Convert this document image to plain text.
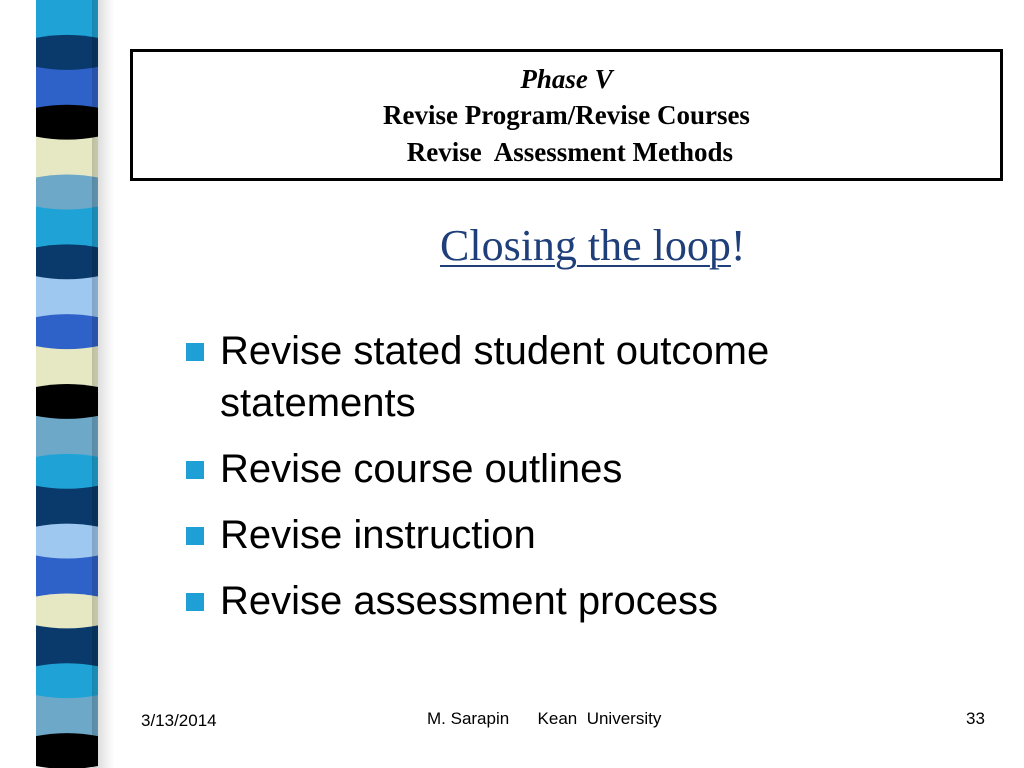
Phase V
Revise Program/Revise Courses
Revise  Assessment Methods
Closing the loop!
Revise stated student outcome statements
Revise course outlines
Revise instruction
Revise assessment process
3/13/2014	M. Sarapin      Kean  University	33
